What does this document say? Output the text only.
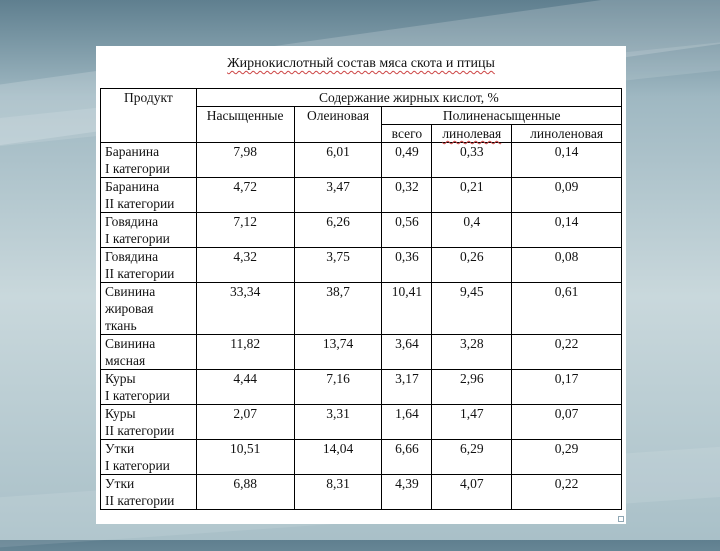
Жирнокислотный состав мяса скота и птицы
Продукт	Содержание жирных кислот, %				
	Насыщенные	Олеиновая	Полиненасыщенные		
			всего	линолевая	линоленовая

Баранина
I категории	7,98	6,01	0,49	0,33	0,14

Баранина
II категории	4,72	3,47	0,32	0,21	0,09

Говядина
I категории	7,12	6,26	0,56	0,4	0,14

Говядина
II категории	4,32	3,75	0,36	0,26	0,08

Свинина
жировая
ткань	33,34	38,7	10,41	9,45	0,61

Свинина
мясная	11,82	13,74	3,64	3,28	0,22

Куры
I категории	4,44	7,16	3,17	2,96	0,17

Куры
II категории	2,07	3,31	1,64	1,47	0,07

Утки
I категории	10,51	14,04	6,66	6,29	0,29

Утки
II категории	6,88	8,31	4,39	4,07	0,22
